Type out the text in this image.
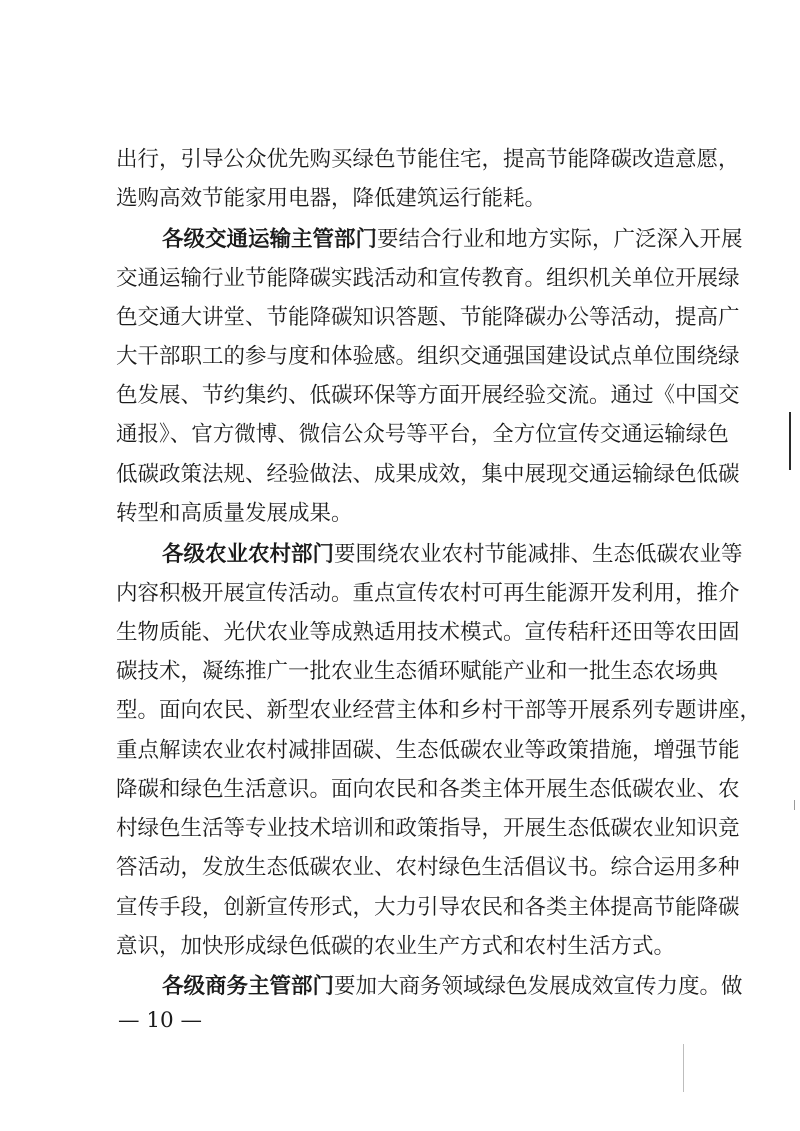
出行，引导公众优先购买绿色节能住宅，提高节能降碳改造意愿，
选购高效节能家用电器，降低建筑运行能耗。
各级交通运输主管部门要结合行业和地方实际，广泛深入开展
交通运输行业节能降碳实践活动和宣传教育。组织机关单位开展绿
色交通大讲堂、节能降碳知识答题、节能降碳办公等活动，提高广
大干部职工的参与度和体验感。组织交通强国建设试点单位围绕绿
色发展、节约集约、低碳环保等方面开展经验交流。通过《中国交
通报》、官方微博、微信公众号等平台，全方位宣传交通运输绿色
低碳政策法规、经验做法、成果成效，集中展现交通运输绿色低碳
转型和高质量发展成果。
各级农业农村部门要围绕农业农村节能减排、生态低碳农业等
内容积极开展宣传活动。重点宣传农村可再生能源开发利用，推介
生物质能、光伏农业等成熟适用技术模式。宣传秸秆还田等农田固
碳技术，凝练推广一批农业生态循环赋能产业和一批生态农场典
型。面向农民、新型农业经营主体和乡村干部等开展系列专题讲座，
重点解读农业农村减排固碳、生态低碳农业等政策措施，增强节能
降碳和绿色生活意识。面向农民和各类主体开展生态低碳农业、农
村绿色生活等专业技术培训和政策指导，开展生态低碳农业知识竞
答活动，发放生态低碳农业、农村绿色生活倡议书。综合运用多种
宣传手段，创新宣传形式，大力引导农民和各类主体提高节能降碳
意识，加快形成绿色低碳的农业生产方式和农村生活方式。
各级商务主管部门要加大商务领域绿色发展成效宣传力度。做
— 10 —
